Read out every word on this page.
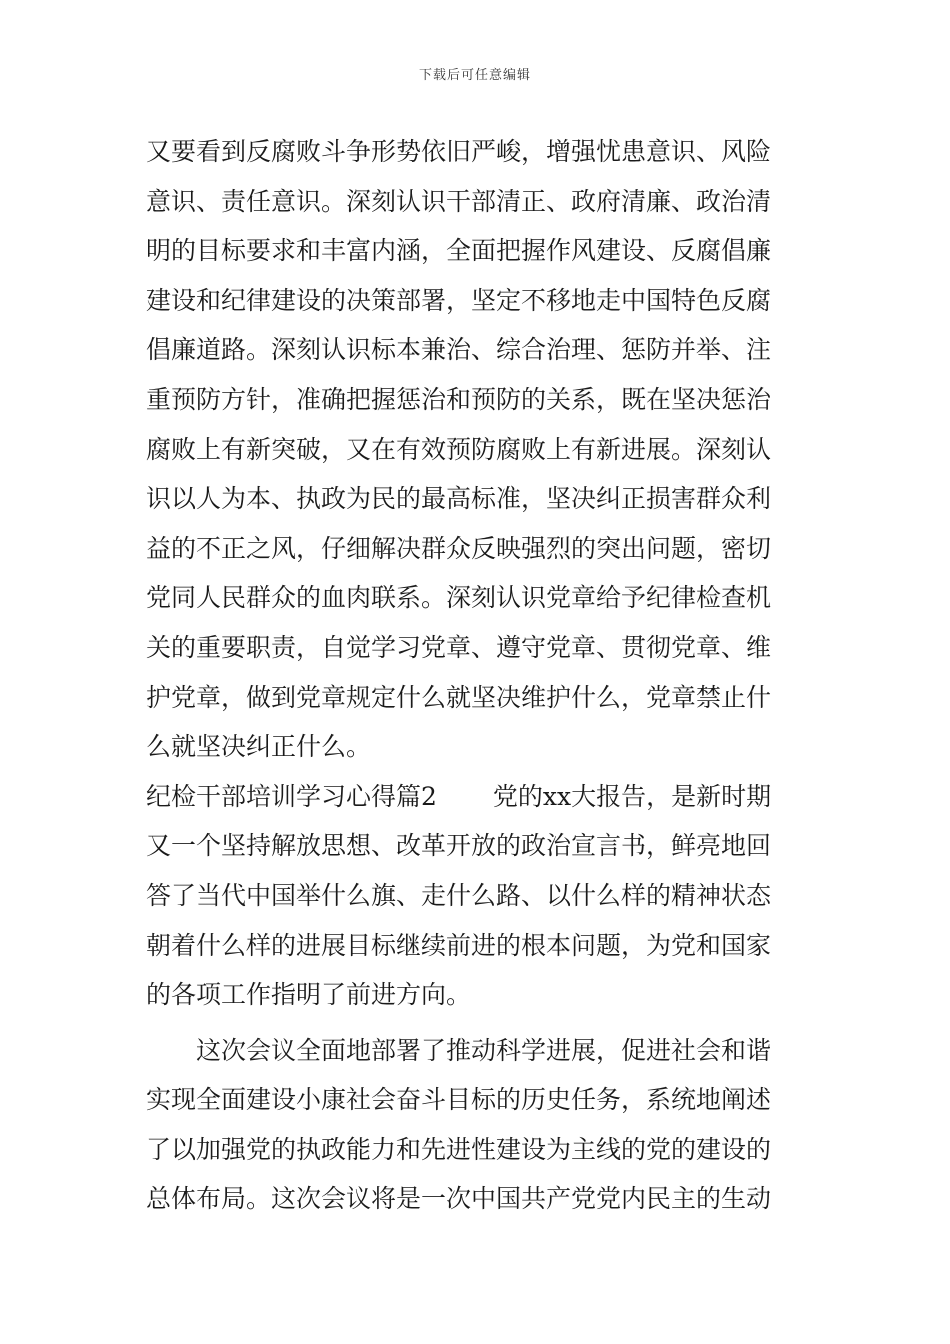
下载后可任意编辑
又要看到反腐败斗争形势依旧严峻，增强忧患意识、风险
意识、责任意识。深刻认识干部清正、政府清廉、政治清
明的目标要求和丰富内涵，全面把握作风建设、反腐倡廉
建设和纪律建设的决策部署，坚定不移地走中国特色反腐
倡廉道路。深刻认识标本兼治、综合治理、惩防并举、注
重预防方针，准确把握惩治和预防的关系，既在坚决惩治
腐败上有新突破，又在有效预防腐败上有新进展。深刻认
识以人为本、执政为民的最高标准，坚决纠正损害群众利
益的不正之风，仔细解决群众反映强烈的突出问题，密切
党同人民群众的血肉联系。深刻认识党章给予纪律检查机
关的重要职责，自觉学习党章、遵守党章、贯彻党章、维
护党章，做到党章规定什么就坚决维护什么，党章禁止什
么就坚决纠正什么。
纪检干部培训学习心得篇2 党的xx大报告，是新时期
又一个坚持解放思想、改革开放的政治宣言书，鲜亮地回
答了当代中国举什么旗、走什么路、以什么样的精神状态
朝着什么样的进展目标继续前进的根本问题，为党和国家
的各项工作指明了前进方向。
这次会议全面地部署了推动科学进展，促进社会和谐
实现全面建设小康社会奋斗目标的历史任务，系统地阐述
了以加强党的执政能力和先进性建设为主线的党的建设的
总体布局。这次会议将是一次中国共产党党内民主的生动
